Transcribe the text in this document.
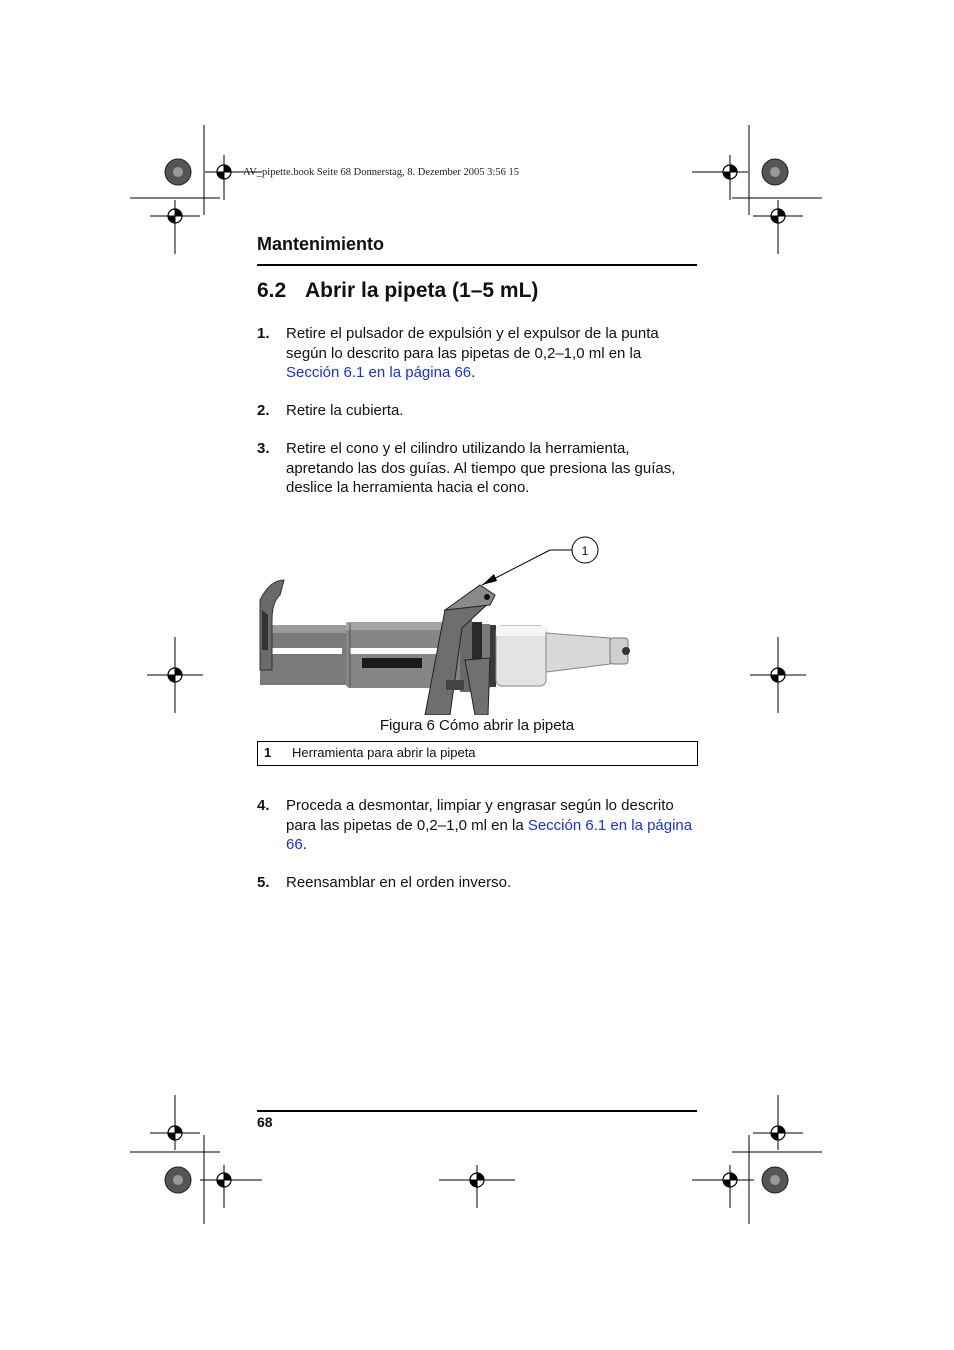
AV_pipette.book Seite 68 Donnerstag, 8. Dezember 2005 3:56 15
Mantenimiento
6.2 Abrir la pipeta (1–5 mL)
1. Retire el pulsador de expulsión y el expulsor de la punta según lo descrito para las pipetas de 0,2–1,0 ml en la Sección 6.1 en la página 66.
2. Retire la cubierta.
3. Retire el cono y el cilindro utilizando la herramienta, apretando las dos guías. Al tiempo que presiona las guías, deslice la herramienta hacia el cono.
1
Figura 6 Cómo abrir la pipeta
1 Herramienta para abrir la pipeta
4. Proceda a desmontar, limpiar y engrasar según lo descrito para las pipetas de 0,2–1,0 ml en la Sección 6.1 en la página 66.
5. Reensamblar en el orden inverso.
68
